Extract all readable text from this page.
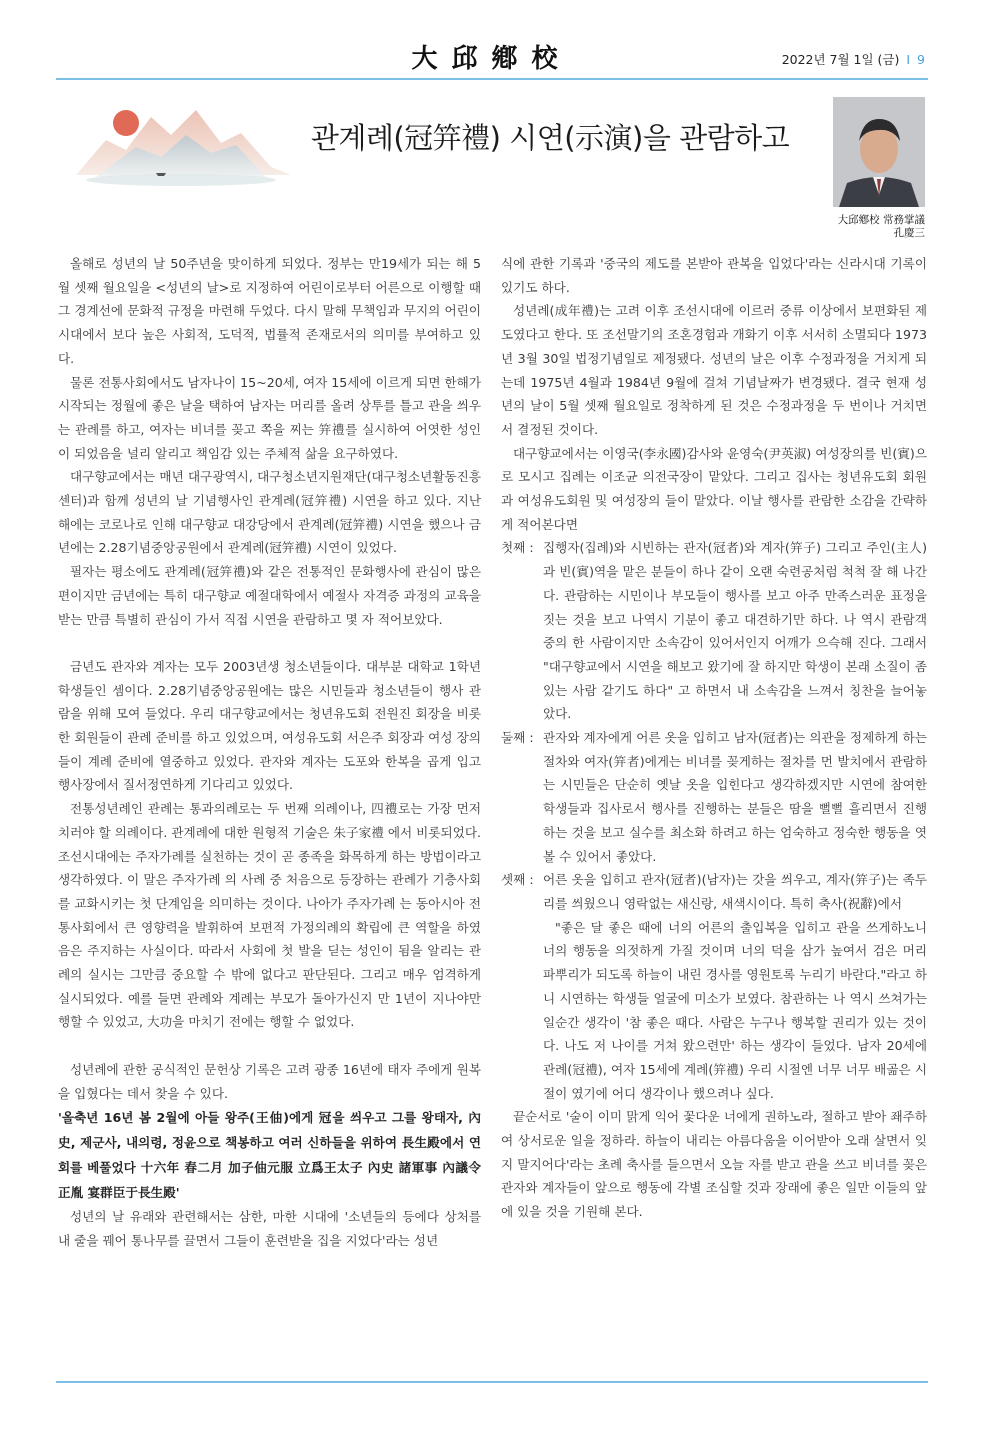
大邱鄕校	2022년 7월 1일 (금) I 9
관계례(冠笄禮) 시연(示演)을 관람하고
大邱鄕校 常務掌議
孔慶三

올해로 성년의 날 50주년을 맞이하게 되었다. 정부는 만19세가 되는 해 5월 셋째 월요일을 <성년의 날>로 지정하여 어린이로부터 어른으로 이행할 때 그 경계선에 문화적 규정을 마련해 두었다. 다시 말해 무책임과 무지의 어린이 시대에서 보다 높은 사회적, 도덕적, 법률적 존재로서의 의미를 부여하고 있다.

물론 전통사회에서도 남자나이 15~20세, 여자 15세에 이르게 되면 한해가 시작되는 정월에 좋은 날을 택하여 남자는 머리를 올려 상투를 틀고 관을 씌우는 관례를 하고, 여자는 비녀를 꽂고 쪽을 찌는 笄禮를 실시하여 어엿한 성인이 되었음을 널리 알리고 책임감 있는 주체적 삶을 요구하였다.

대구향교에서는 매년 대구광역시, 대구청소년지원재단(대구청소년활동진흥센터)과 함께 성년의 날 기념행사인 관계례(冠笄禮) 시연을 하고 있다. 지난 해에는 코로나로 인해 대구향교 대강당에서 관계례(冠笄禮) 시연을 했으나 금년에는 2.28기념중앙공원에서 관계례(冠笄禮) 시연이 있었다.

필자는 평소에도 관계례(冠笄禮)와 같은 전통적인 문화행사에 관심이 많은 편이지만 금년에는 특히 대구향교 예절대학에서 예절사 자격증 과정의 교육을 받는 만큼 특별히 관심이 가서 직접 시연을 관람하고 몇 자 적어보았다.

금년도 관자와 계자는 모두 2003년생 청소년들이다. 대부분 대학교 1학년 학생들인 셈이다. 2.28기념중앙공원에는 많은 시민들과 청소년들이 행사 관람을 위해 모여 들었다. 우리 대구향교에서는 청년유도회 전원진 회장을 비롯한 회원들이 관례 준비를 하고 있었으며, 여성유도회 서은주 회장과 여성 장의들이 계례 준비에 열중하고 있었다. 관자와 계자는 도포와 한복을 곱게 입고 행사장에서 질서정연하게 기다리고 있었다.

전통성년례인 관례는 통과의례로는 두 번째 의례이나, 四禮로는 가장 먼저 치러야 할 의례이다. 관계례에 대한 원형적 기술은 朱子家禮 에서 비롯되었다.조선시대에는 주자가례를 실천하는 것이 곧 종족을 화목하게 하는 방법이라고 생각하였다. 이 말은 주자가례 의 사례 중 처음으로 등장하는 관례가 기층사회를 교화시키는 첫 단계임을 의미하는 것이다. 나아가 주자가례 는 동아시아 전통사회에서 큰 영향력을 발휘하여 보편적 가정의례의 확립에 큰 역할을 하였음은 주지하는 사실이다. 따라서 사회에 첫 발을 딛는 성인이 됨을 알리는 관례의 실시는 그만큼 중요할 수 밖에 없다고 판단된다. 그리고 매우 엄격하게 실시되었다. 예를 들면 관례와 계례는 부모가 돌아가신지 만 1년이 지나야만 행할 수 있었고, 大功을 마치기 전에는 행할 수 없었다.

성년례에 관한 공식적인 문헌상 기록은 고려 광종 16년에 태자 주에게 원복을 입혔다는 데서 찾을 수 있다.

'올축년 16년 봄 2월에 아들 왕주(王伷)에게 冠을 씌우고 그를 왕태자, 內史, 제군사, 내의령, 정윤으로 책봉하고 여러 신하들을 위하여 長生殿에서 연회를 베풀었다 十六年 春二月 加子伷元服 立爲王太子 內史 諸軍事 內議令 正胤 宴群臣于長生殿'

성년의 날 유래와 관련해서는 삼한, 마한 시대에 '소년들의 등에다 상처를 내 줄을 꿰어 통나무를 끌면서 그들이 훈련받을 집을 지었다'라는 성년

식에 관한 기록과 '중국의 제도를 본받아 관복을 입었다'라는 신라시대 기록이 있기도 하다.

성년례(成年禮)는 고려 이후 조선시대에 이르러 중류 이상에서 보편화된 제도였다고 한다. 또 조선말기의 조혼경험과 개화기 이후 서서히 소멸되다 1973년 3월 30일 법정기념일로 제정됐다. 성년의 날은 이후 수정과정을 거치게 되는데 1975년 4월과 1984년 9월에 걸쳐 기념날짜가 변경됐다. 결국 현재 성년의 날이 5월 셋째 월요일로 정착하게 된 것은 수정과정을 두 번이나 거치면서 결정된 것이다.

대구향교에서는 이영국(李永國)감사와 윤영숙(尹英淑) 여성장의를 빈(賓)으로 모시고 집례는 이조균 의전국장이 맡았다. 그리고 집사는 청년유도회 회원과 여성유도회원 및 여성장의 들이 맡았다. 이날 행사를 관람한 소감을 간략하게 적어본다면

첫째 : 집행자(집례)와 시빈하는 관자(冠者)와 계자(笄子) 그리고 주인(主人)과 빈(賓)역을 맡은 분들이 하나 같이 오랜 숙련공처럼 척척 잘 해 나간다. 관람하는 시민이나 부모들이 행사를 보고 아주 만족스러운 표정을 짓는 것을 보고 나역시 기분이 좋고 대견하기만 하다. 나 역시 관람객 중의 한 사람이지만 소속감이 있어서인지 어깨가 으슥해 진다. 그래서 "대구향교에서 시연을 해보고 왔기에 잘 하지만 학생이 본래 소질이 좀 있는 사람 같기도 하다" 고 하면서 내 소속감을 느껴서 칭찬을 늘어놓았다.
둘째 : 관자와 계자에게 어른 옷을 입히고 남자(冠者)는 의관을 정제하게 하는 절차와 여자(笄者)에게는 비녀를 꽂게하는 절차를 먼 발치에서 관람하는 시민들은 단순히 옛날 옷을 입힌다고 생각하겠지만 시연에 참여한 학생들과 집사로서 행사를 진행하는 분들은 땀을 뻘뻘 흘리면서 진행 하는 것을 보고 실수를 최소화 하려고 하는 엄숙하고 정숙한 행동을 엿볼 수 있어서 좋았다.
셋째 : 어른 옷을 입히고 관자(冠者)(남자)는 갓을 씌우고, 계자(笄子)는 족두리를 씌웠으니 영락없는 새신랑, 새색시이다. 특히 축사(祝辭)에서

"좋은 달 좋은 때에 너의 어른의 출입복을 입히고 관을 쓰게하노니 너의 행동을 의젓하게 가질 것이며 너의 덕을 삼가 높여서 검은 머리 파뿌리가 되도록 하늘이 내린 경사를 영원토록 누리기 바란다."라고 하니 시연하는 학생들 얼굴에 미소가 보였다. 참관하는 나 역시 쓰쳐가는 일순간 생각이 '참 좋은 때다. 사람은 누구나 행복할 권리가 있는 것이다. 나도 저 나이를 거쳐 왔으련만' 하는 생각이 들었다. 남자 20세에 관례(冠禮), 여자 15세에 계례(笄禮) 우리 시절엔 너무 너무 배곪은 시절이 였기에 어디 생각이나 했으려나 싶다.

끝순서로 '술이 이미 맑게 익어 꽃다운 너에게 권하노라, 절하고 받아 좨주하여 상서로운 일을 정하라. 하늘이 내리는 아름다움을 이어받아 오래 살면서 잊지 말지어다'라는 초례 축사를 들으면서 오늘 자를 받고 관을 쓰고 비녀를 꽂은 관자와 계자들이 앞으로 행동에 각별 조심할 것과 장래에 좋은 일만 이들의 앞에 있을 것을 기원해 본다.
